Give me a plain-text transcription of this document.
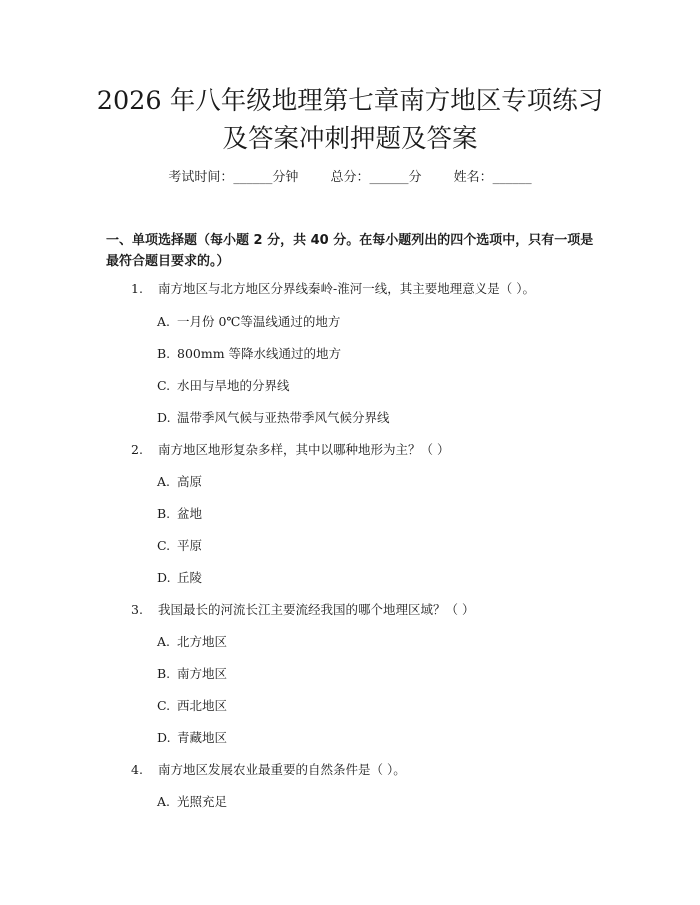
2026 年八年级地理第七章南方地区专项练习
及答案冲刺押题及答案
考试时间：______分钟 总分：______分 姓名：______

一、单项选择题（每小题 2 分，共 40 分。在每小题列出的四个选项中，只有一项是最符合题目要求的。）

1. 南方地区与北方地区分界线秦岭-淮河一线，其主要地理意义是（ ）。
A. 一月份 0℃等温线通过的地方
B. 800mm 等降水线通过的地方
C. 水田与旱地的分界线
D. 温带季风气候与亚热带季风气候分界线
2. 南方地区地形复杂多样，其中以哪种地形为主？（ ）
A. 高原
B. 盆地
C. 平原
D. 丘陵
3. 我国最长的河流长江主要流经我国的哪个地理区域？（ ）
A. 北方地区
B. 南方地区
C. 西北地区
D. 青藏地区
4. 南方地区发展农业最重要的自然条件是（ ）。
A. 光照充足
